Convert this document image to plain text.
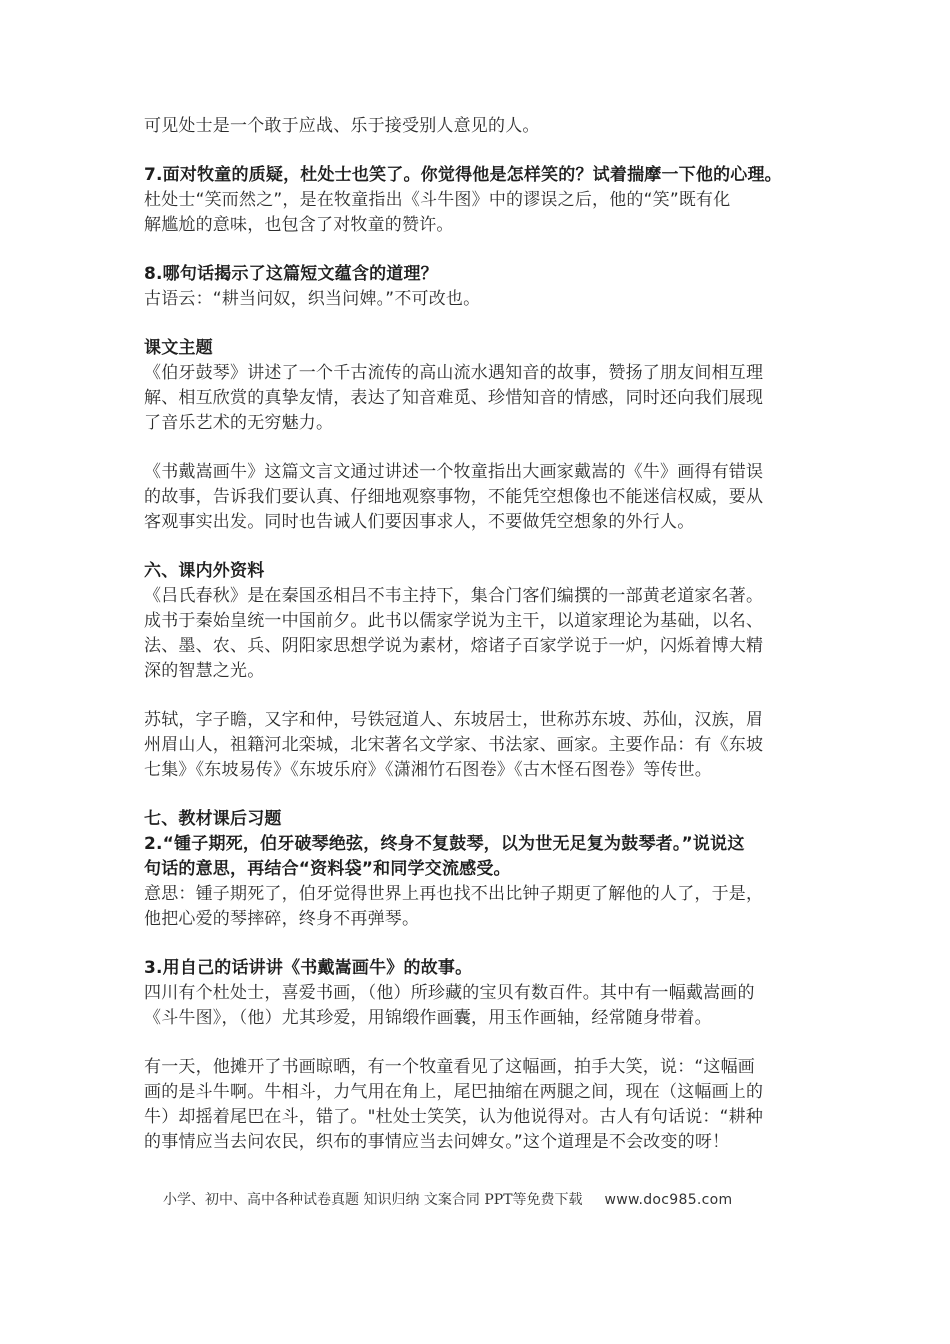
可见处士是一个敢于应战、乐于接受别人意见的人。
7.面对牧童的质疑，杜处士也笑了。你觉得他是怎样笑的？试着揣摩一下他的心理。
杜处士“笑而然之”，是在牧童指出《斗牛图》中的谬误之后，他的“笑”既有化
解尴尬的意味，也包含了对牧童的赞许。
8.哪句话揭示了这篇短文蕴含的道理？
古语云：“耕当问奴，织当问婢。”不可改也。
课文主题
《伯牙鼓琴》讲述了一个千古流传的高山流水遇知音的故事，赞扬了朋友间相互理
解、相互欣赏的真挚友情，表达了知音难觅、珍惜知音的情感，同时还向我们展现
了音乐艺术的无穷魅力。
《书戴嵩画牛》这篇文言文通过讲述一个牧童指出大画家戴嵩的《牛》画得有错误
的故事，告诉我们要认真、仔细地观察事物，不能凭空想像也不能迷信权威，要从
客观事实出发。同时也告诫人们要因事求人，不要做凭空想象的外行人。
六、课内外资料
《吕氏春秋》是在秦国丞相吕不韦主持下，集合门客们编撰的一部黄老道家名著。
成书于秦始皇统一中国前夕。此书以儒家学说为主干，以道家理论为基础，以名、
法、墨、农、兵、阴阳家思想学说为素材，熔诸子百家学说于一炉，闪烁着博大精
深的智慧之光。
苏轼，字子瞻，又字和仲，号铁冠道人、东坡居士，世称苏东坡、苏仙，汉族，眉
州眉山人，祖籍河北栾城，北宋著名文学家、书法家、画家。主要作品：有《东坡
七集》《东坡易传》《东坡乐府》《潇湘竹石图卷》《古木怪石图卷》等传世。
七、教材课后习题
2.“锺子期死，伯牙破琴绝弦，终身不复鼓琴，以为世无足复为鼓琴者。”说说这
句话的意思，再结合“资料袋”和同学交流感受。
意思：锺子期死了，伯牙觉得世界上再也找不出比钟子期更了解他的人了，于是，
他把心爱的琴摔碎，终身不再弹琴。
3.用自己的话讲讲《书戴嵩画牛》的故事。
四川有个杜处士，喜爱书画，（他）所珍藏的宝贝有数百件。其中有一幅戴嵩画的
《斗牛图》，（他）尤其珍爱，用锦缎作画囊，用玉作画轴，经常随身带着。
有一天，他摊开了书画晾晒，有一个牧童看见了这幅画，拍手大笑，说：“这幅画
画的是斗牛啊。牛相斗，力气用在角上，尾巴抽缩在两腿之间，现在（这幅画上的
牛）却摇着尾巴在斗，错了。"杜处士笑笑，认为他说得对。古人有句话说：“耕种
的事情应当去问农民，织布的事情应当去问婢女。”这个道理是不会改变的呀！
小学、初中、高中各种试卷真题 知识归纳 文案合同 PPT等免费下载 www.doc985.com
